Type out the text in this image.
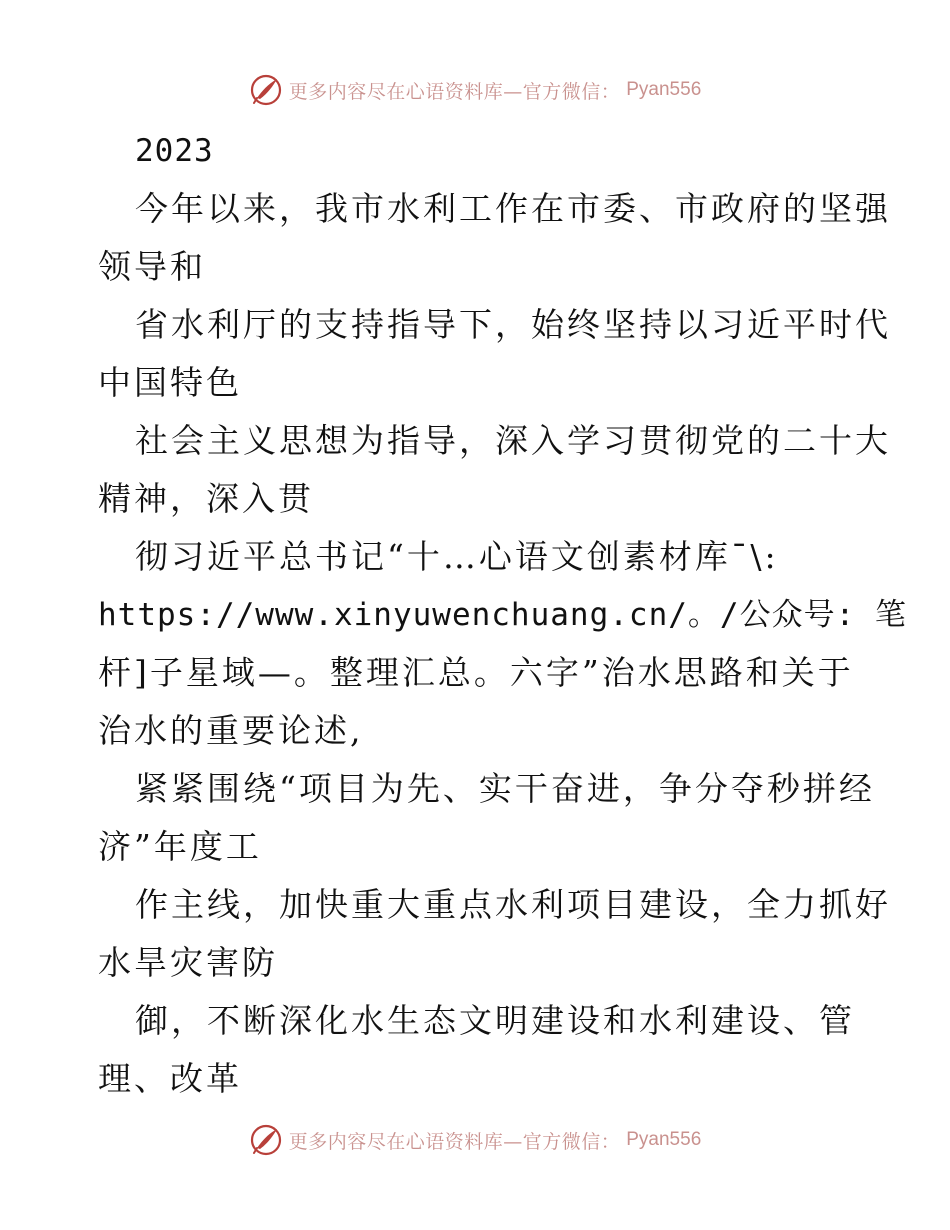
更多内容尽在心语资料库—官方微信： Pyan556
2023
今年以来，我市水利工作在市委、市政府的坚强
领导和
省水利厅的支持指导下，始终坚持以习近平时代
中国特色
社会主义思想为指导，深入学习贯彻党的二十大
精神，深入贯
彻习近平总书记“十…心语文创素材库¯\:
https://www.xinyuwenchuang.cn/。/公众号: 笔
杆]子星域—。整理汇总。六字”治水思路和关于
治水的重要论述,
紧紧围绕“项目为先、实干奋进，争分夺秒拼经
济”年度工
作主线，加快重大重点水利项目建设，全力抓好
水旱灾害防
御，不断深化水生态文明建设和水利建设、管
理、改革
更多内容尽在心语资料库—官方微信： Pyan556
